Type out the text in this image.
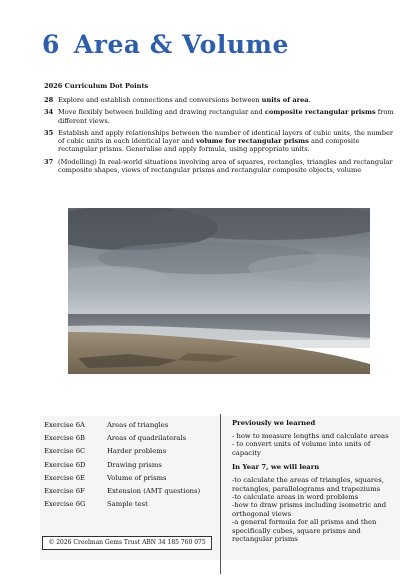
6 Area & Volume
2026 Curriculum Dot Points
28 Explore and establish connections and conversions between units of area.
34 Move flexibly between building and drawing rectangular and composite rectangular prisms from different views.
35 Establish and apply relationships between the number of identical layers of cubic units, the number of cubic units in each identical layer and volume for rectangular prisms and composite rectangular prisms. Generalise and apply formula, using appropriate units.
37 (Modelling) In real-world situations involving area of squares, rectangles, triangles and rectangular composite shapes, views of rectangular prisms and rectangular composite objects, volume
Exercise 6A	Areas of triangles
Exercise 6B	Areas of quadrilaterals
Exercise 6C	Harder problems
Exercise 6D	Drawing prisms
Exercise 6E	Volume of prisms
Exercise 6F	Extension (AMT questions)
Exercise 6G	Sample test
© 2026 Creelman Gems Trust ABN 34 185 760 075
Previously we learned
- how to measure lengths and calculate areas
- to convert units of volume into units of capacity
In Year 7, we will learn
-to calculate the areas of triangles, squares,
rectangles, parallelograms and trapeziums
-to calculate areas in word problems
-how to draw prisms including isometric and
orthogonal views
-a general formula for all prisms and then
specifically cubes, square prisms and
rectangular prisms
